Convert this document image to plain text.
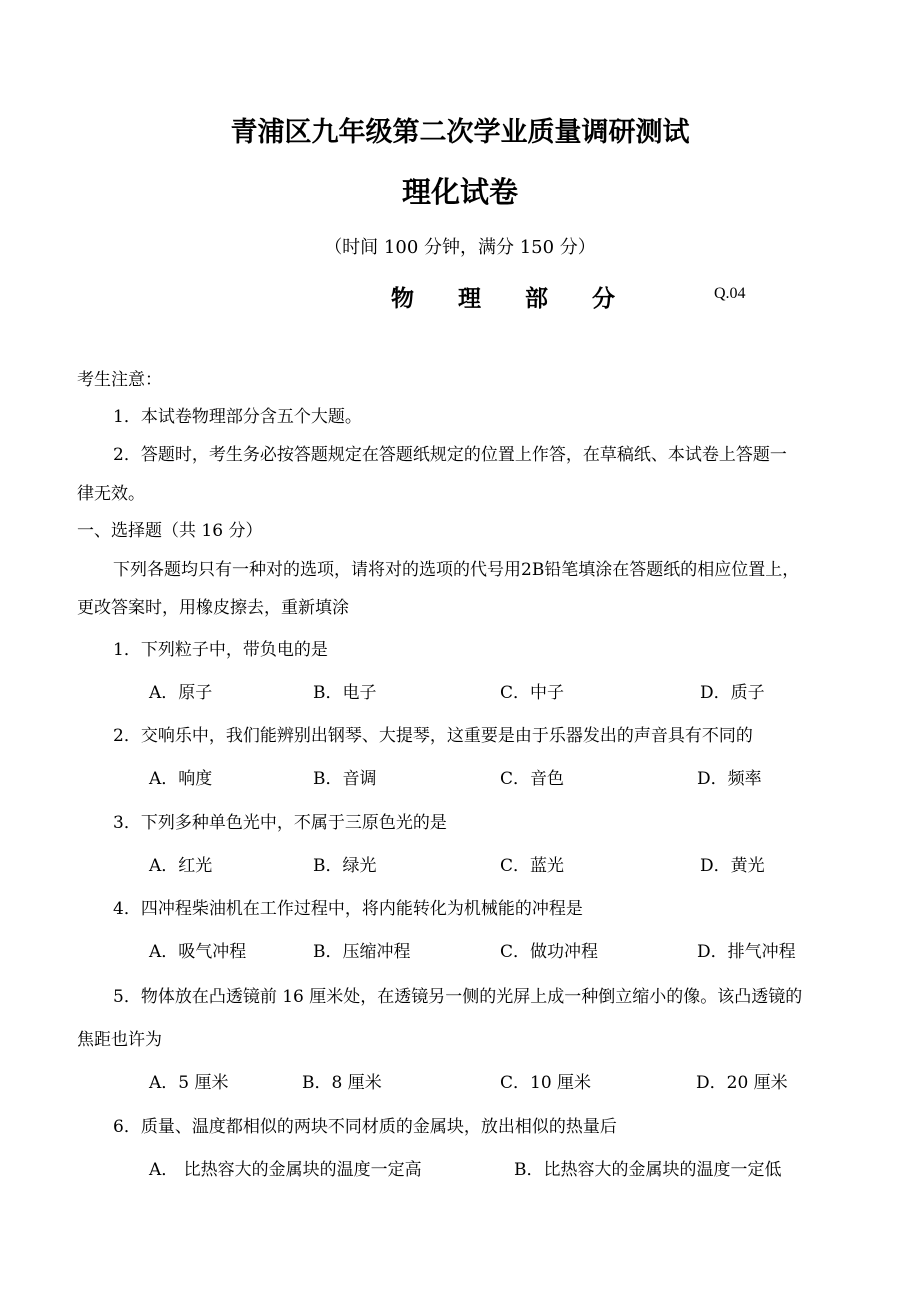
青浦区九年级第二次学业质量调研测试
理化试卷
（时间 100 分钟，满分 150 分）
物 理 部 分	Q.04
考生注意：
1．本试卷物理部分含五个大题。
2．答题时，考生务必按答题规定在答题纸规定的位置上作答，在草稿纸、本试卷上答题一
律无效。
一、选择题（共 16 分）
下列各题均只有一种对的选项，请将对的选项的代号用2B铅笔填涂在答题纸的相应位置上，
更改答案时，用橡皮擦去，重新填涂
1．下列粒子中，带负电的是
A．原子	B．电子	C．中子	D．质子
2．交响乐中，我们能辨别出钢琴、大提琴，这重要是由于乐器发出的声音具有不同的
A．响度	B．音调	C．音色	D．频率
3．下列多种单色光中，不属于三原色光的是
A．红光	B．绿光	C．蓝光	D．黄光
4．四冲程柴油机在工作过程中，将内能转化为机械能的冲程是
A．吸气冲程	B．压缩冲程	C．做功冲程	D．排气冲程
5．物体放在凸透镜前 16 厘米处，在透镜另一侧的光屏上成一种倒立缩小的像。该凸透镜的
焦距也许为
A．5 厘米	B．8 厘米	C．10 厘米	D．20 厘米
6．质量、温度都相似的两块不同材质的金属块，放出相似的热量后
A． 比热容大的金属块的温度一定高	B．比热容大的金属块的温度一定低
